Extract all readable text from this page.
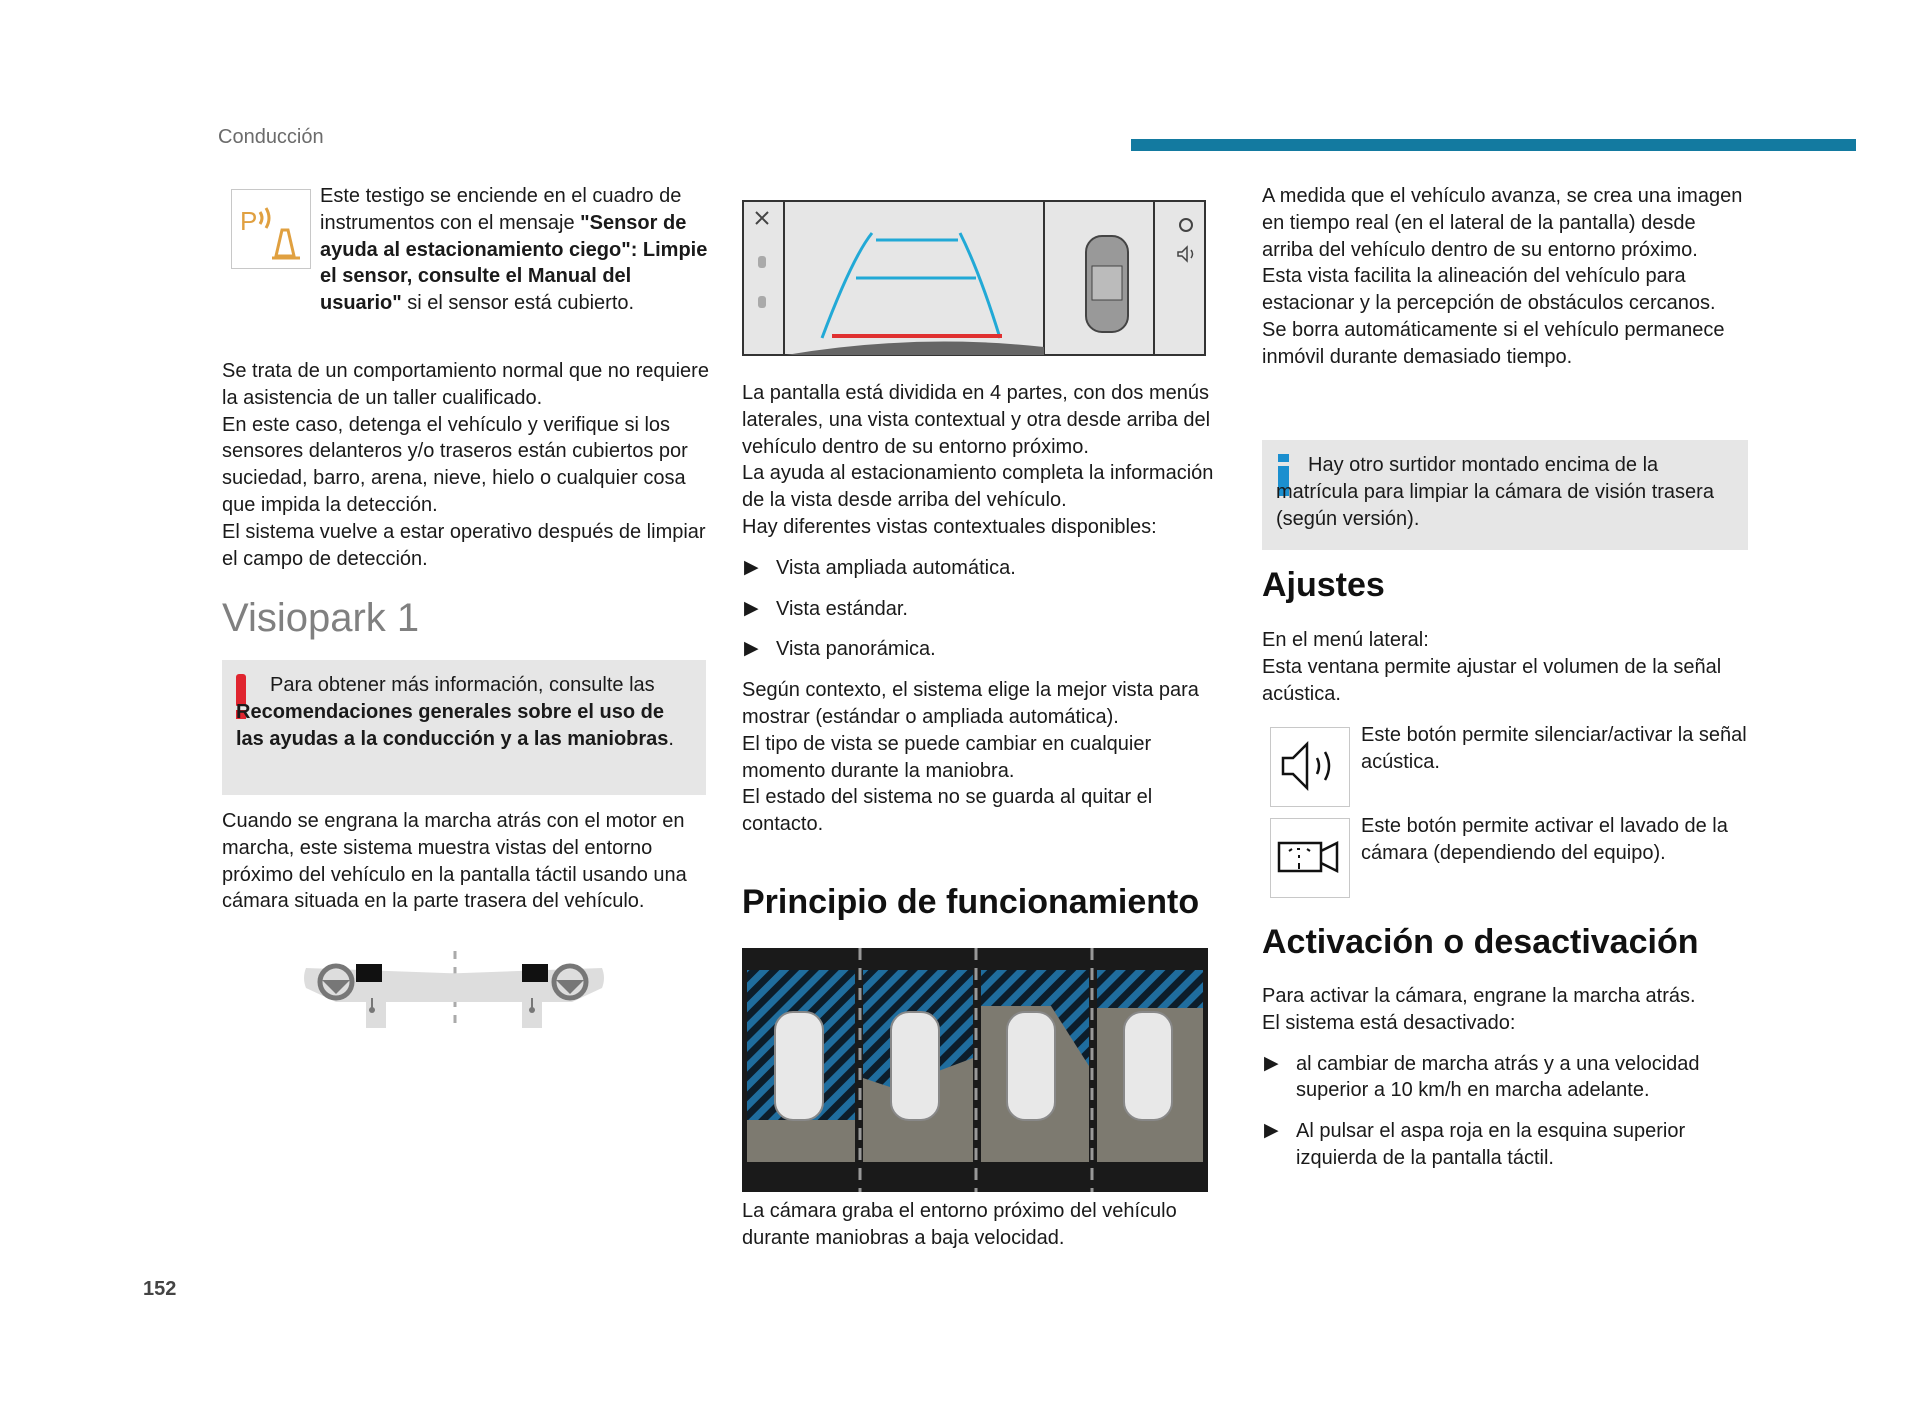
Conducción
P
Este testigo se enciende en el cuadro de instrumentos con el mensaje "Sensor de ayuda al estacionamiento ciego": Limpie el sensor, consulte el Manual del usuario" si el sensor está cubierto.
Se trata de un comportamiento normal que no requiere la asistencia de un taller cualificado.
En este caso, detenga el vehículo y verifique si los sensores delanteros y/o traseros están cubiertos por suciedad, barro, arena, nieve, hielo o cualquier cosa que impida la detección.
El sistema vuelve a estar operativo después de limpiar el campo de detección.
Visiopark 1
Para obtener más información, consulte las Recomendaciones generales sobre el uso de las ayudas a la conducción y a las maniobras.
Cuando se engrana la marcha atrás con el motor en marcha, este sistema muestra vistas del entorno próximo del vehículo en la pantalla táctil usando una cámara situada en la parte trasera del vehículo.
152
La pantalla está dividida en 4 partes, con dos menús laterales, una vista contextual y otra desde arriba del vehículo dentro de su entorno próximo.
La ayuda al estacionamiento completa la información de la vista desde arriba del vehículo.
Hay diferentes vistas contextuales disponibles:
▶ Vista ampliada automática.
▶ Vista estándar.
▶ Vista panorámica.
Según contexto, el sistema elige la mejor vista para mostrar (estándar o ampliada automática).
El tipo de vista se puede cambiar en cualquier momento durante la maniobra.
El estado del sistema no se guarda al quitar el contacto.
Principio de funcionamiento
La cámara graba el entorno próximo del vehículo durante maniobras a baja velocidad.
A medida que el vehículo avanza, se crea una imagen en tiempo real (en el lateral de la pantalla) desde arriba del vehículo dentro de su entorno próximo.
Esta vista facilita la alineación del vehículo para estacionar y la percepción de obstáculos cercanos.
Se borra automáticamente si el vehículo permanece inmóvil durante demasiado tiempo.
Hay otro surtidor montado encima de la matrícula para limpiar la cámara de visión trasera (según versión).
Ajustes
En el menú lateral:
Esta ventana permite ajustar el volumen de la señal acústica.
Este botón permite silenciar/activar la señal acústica.
Este botón permite activar el lavado de la cámara (dependiendo del equipo).
Activación o desactivación
Para activar la cámara, engrane la marcha atrás.
El sistema está desactivado:
▶ al cambiar de marcha atrás y a una velocidad superior a 10 km/h en marcha adelante.
▶ Al pulsar el aspa roja en la esquina superior izquierda de la pantalla táctil.
